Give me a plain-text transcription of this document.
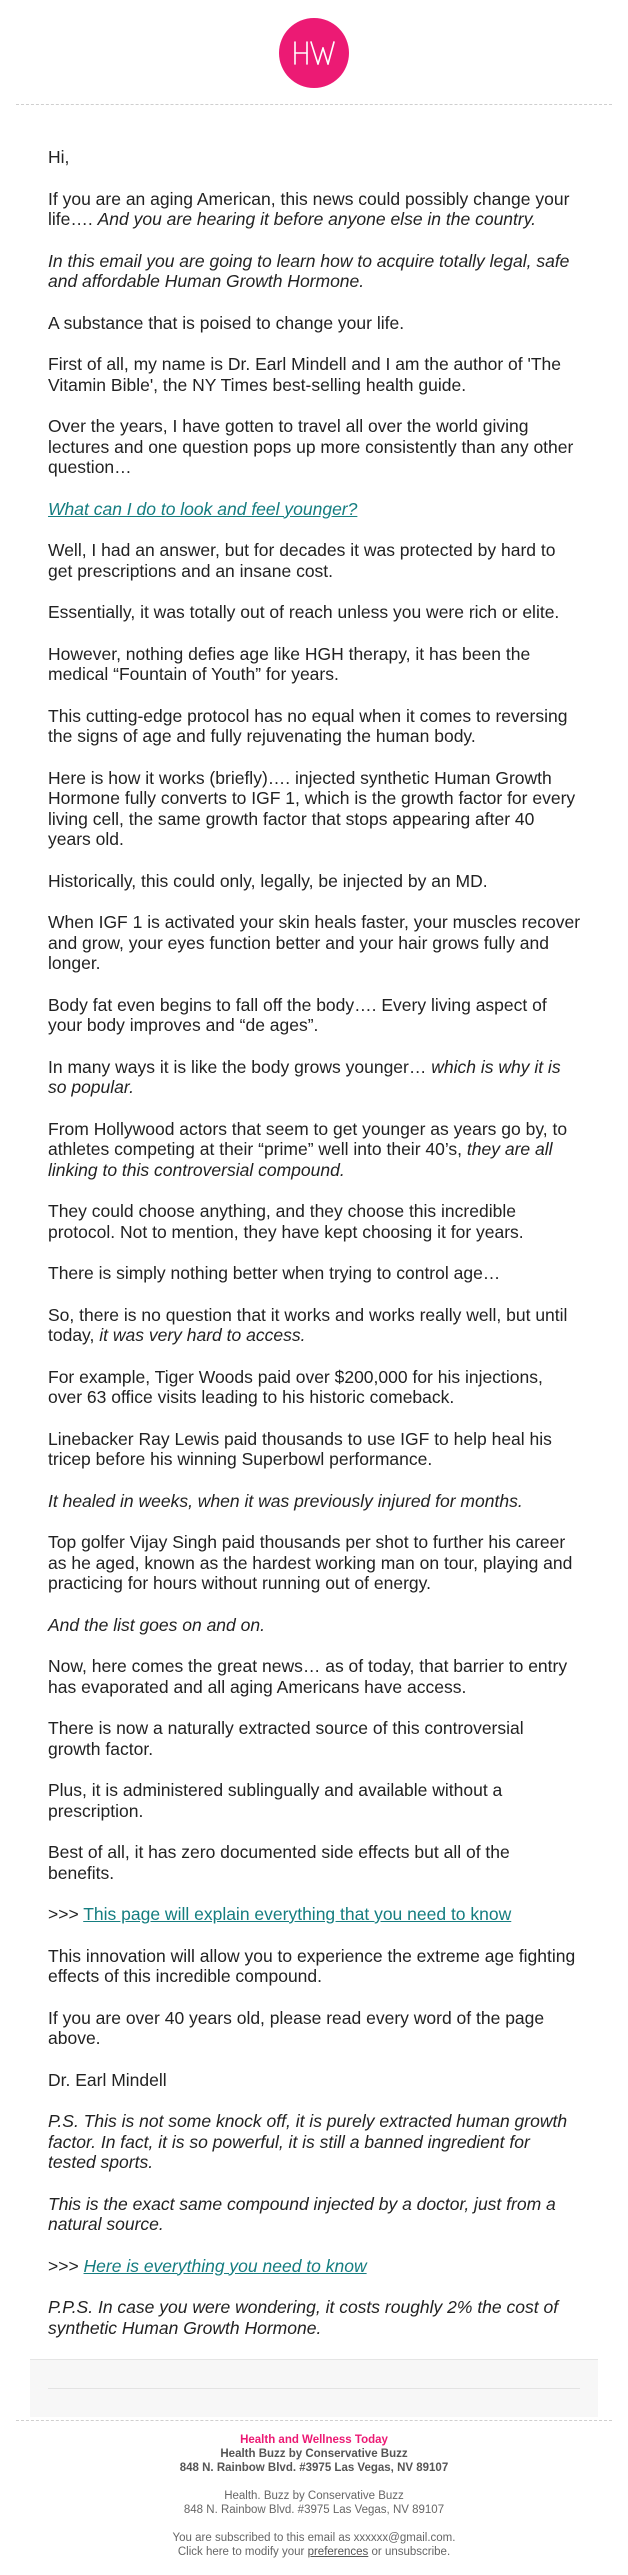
Hi,

If you are an aging American, this news could possibly change your life…. And you are hearing it before anyone else in the country.

In this email you are going to learn how to acquire totally legal, safe and affordable Human Growth Hormone.

A substance that is poised to change your life.

First of all, my name is Dr. Earl Mindell and I am the author of 'The Vitamin Bible', the NY Times best-selling health guide.

Over the years, I have gotten to travel all over the world giving lectures and one question pops up more consistently than any other question…

What can I do to look and feel younger?

Well, I had an answer, but for decades it was protected by hard to get prescriptions and an insane cost.

Essentially, it was totally out of reach unless you were rich or elite.

However, nothing defies age like HGH therapy, it has been the medical “Fountain of Youth” for years.

This cutting-edge protocol has no equal when it comes to reversing the signs of age and fully rejuvenating the human body.

Here is how it works (briefly)…. injected synthetic Human Growth Hormone fully converts to IGF 1, which is the growth factor for every living cell, the same growth factor that stops appearing after 40 years old.

Historically, this could only, legally, be injected by an MD.

When IGF 1 is activated your skin heals faster, your muscles recover and grow, your eyes function better and your hair grows fully and longer.

Body fat even begins to fall off the body…. Every living aspect of your body improves and “de ages”.

In many ways it is like the body grows younger… which is why it is so popular.

From Hollywood actors that seem to get younger as years go by, to athletes competing at their “prime” well into their 40’s, they are all linking to this controversial compound.

They could choose anything, and they choose this incredible protocol. Not to mention, they have kept choosing it for years.

There is simply nothing better when trying to control age…

So, there is no question that it works and works really well, but until today, it was very hard to access.

For example, Tiger Woods paid over $200,000 for his injections, over 63 office visits leading to his historic comeback.

Linebacker Ray Lewis paid thousands to use IGF to help heal his tricep before his winning Superbowl performance.

It healed in weeks, when it was previously injured for months.

Top golfer Vijay Singh paid thousands per shot to further his career as he aged, known as the hardest working man on tour, playing and practicing for hours without running out of energy.

And the list goes on and on.

Now, here comes the great news… as of today, that barrier to entry has evaporated and all aging Americans have access.

There is now a naturally extracted source of this controversial growth factor.

Plus, it is administered sublingually and available without a prescription.

Best of all, it has zero documented side effects but all of the benefits.

>>> This page will explain everything that you need to know

This innovation will allow you to experience the extreme age fighting effects of this incredible compound.

If you are over 40 years old, please read every word of the page above.

Dr. Earl Mindell

P.S. This is not some knock off, it is purely extracted human growth factor. In fact, it is so powerful, it is still a banned ingredient for tested sports.

This is the exact same compound injected by a doctor, just from a natural source.

>>> Here is everything you need to know

P.P.S. In case you were wondering, it costs roughly 2% the cost of synthetic Human Growth Hormone.

Health and Wellness Today
Health Buzz by Conservative Buzz
848 N. Rainbow Blvd. #3975 Las Vegas, NV 89107
Health. Buzz by Conservative Buzz
848 N. Rainbow Blvd. #3975 Las Vegas, NV 89107
You are subscribed to this email as xxxxxx@gmail.com.
Click here to modify your preferences or unsubscribe.
